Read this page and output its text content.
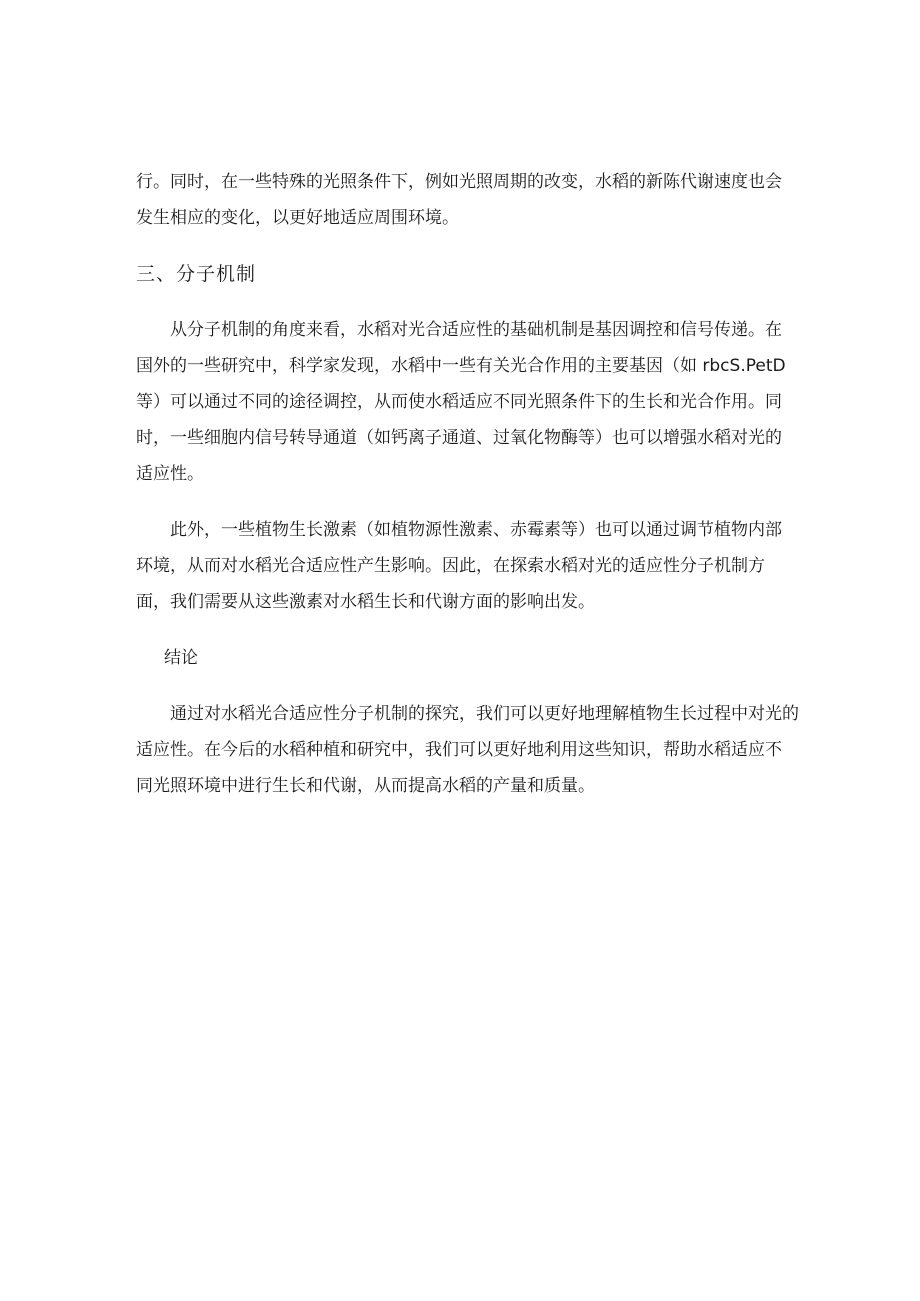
行。同时，在一些特殊的光照条件下，例如光照周期的改变，水稻的新陈代谢速度也会
发生相应的变化，以更好地适应周围环境。
三、分子机制
从分子机制的角度来看，水稻对光合适应性的基础机制是基因调控和信号传递。在
国外的一些研究中，科学家发现，水稻中一些有关光合作用的主要基因（如 rbcS.PetD
等）可以通过不同的途径调控，从而使水稻适应不同光照条件下的生长和光合作用。同
时，一些细胞内信号转导通道（如钙离子通道、过氧化物酶等）也可以增强水稻对光的
适应性。
此外，一些植物生长激素（如植物源性激素、赤霉素等）也可以通过调节植物内部
环境，从而对水稻光合适应性产生影响。因此，在探索水稻对光的适应性分子机制方
面，我们需要从这些激素对水稻生长和代谢方面的影响出发。
结论
通过对水稻光合适应性分子机制的探究，我们可以更好地理解植物生长过程中对光的
适应性。在今后的水稻种植和研究中，我们可以更好地利用这些知识，帮助水稻适应不
同光照环境中进行生长和代谢，从而提高水稻的产量和质量。
